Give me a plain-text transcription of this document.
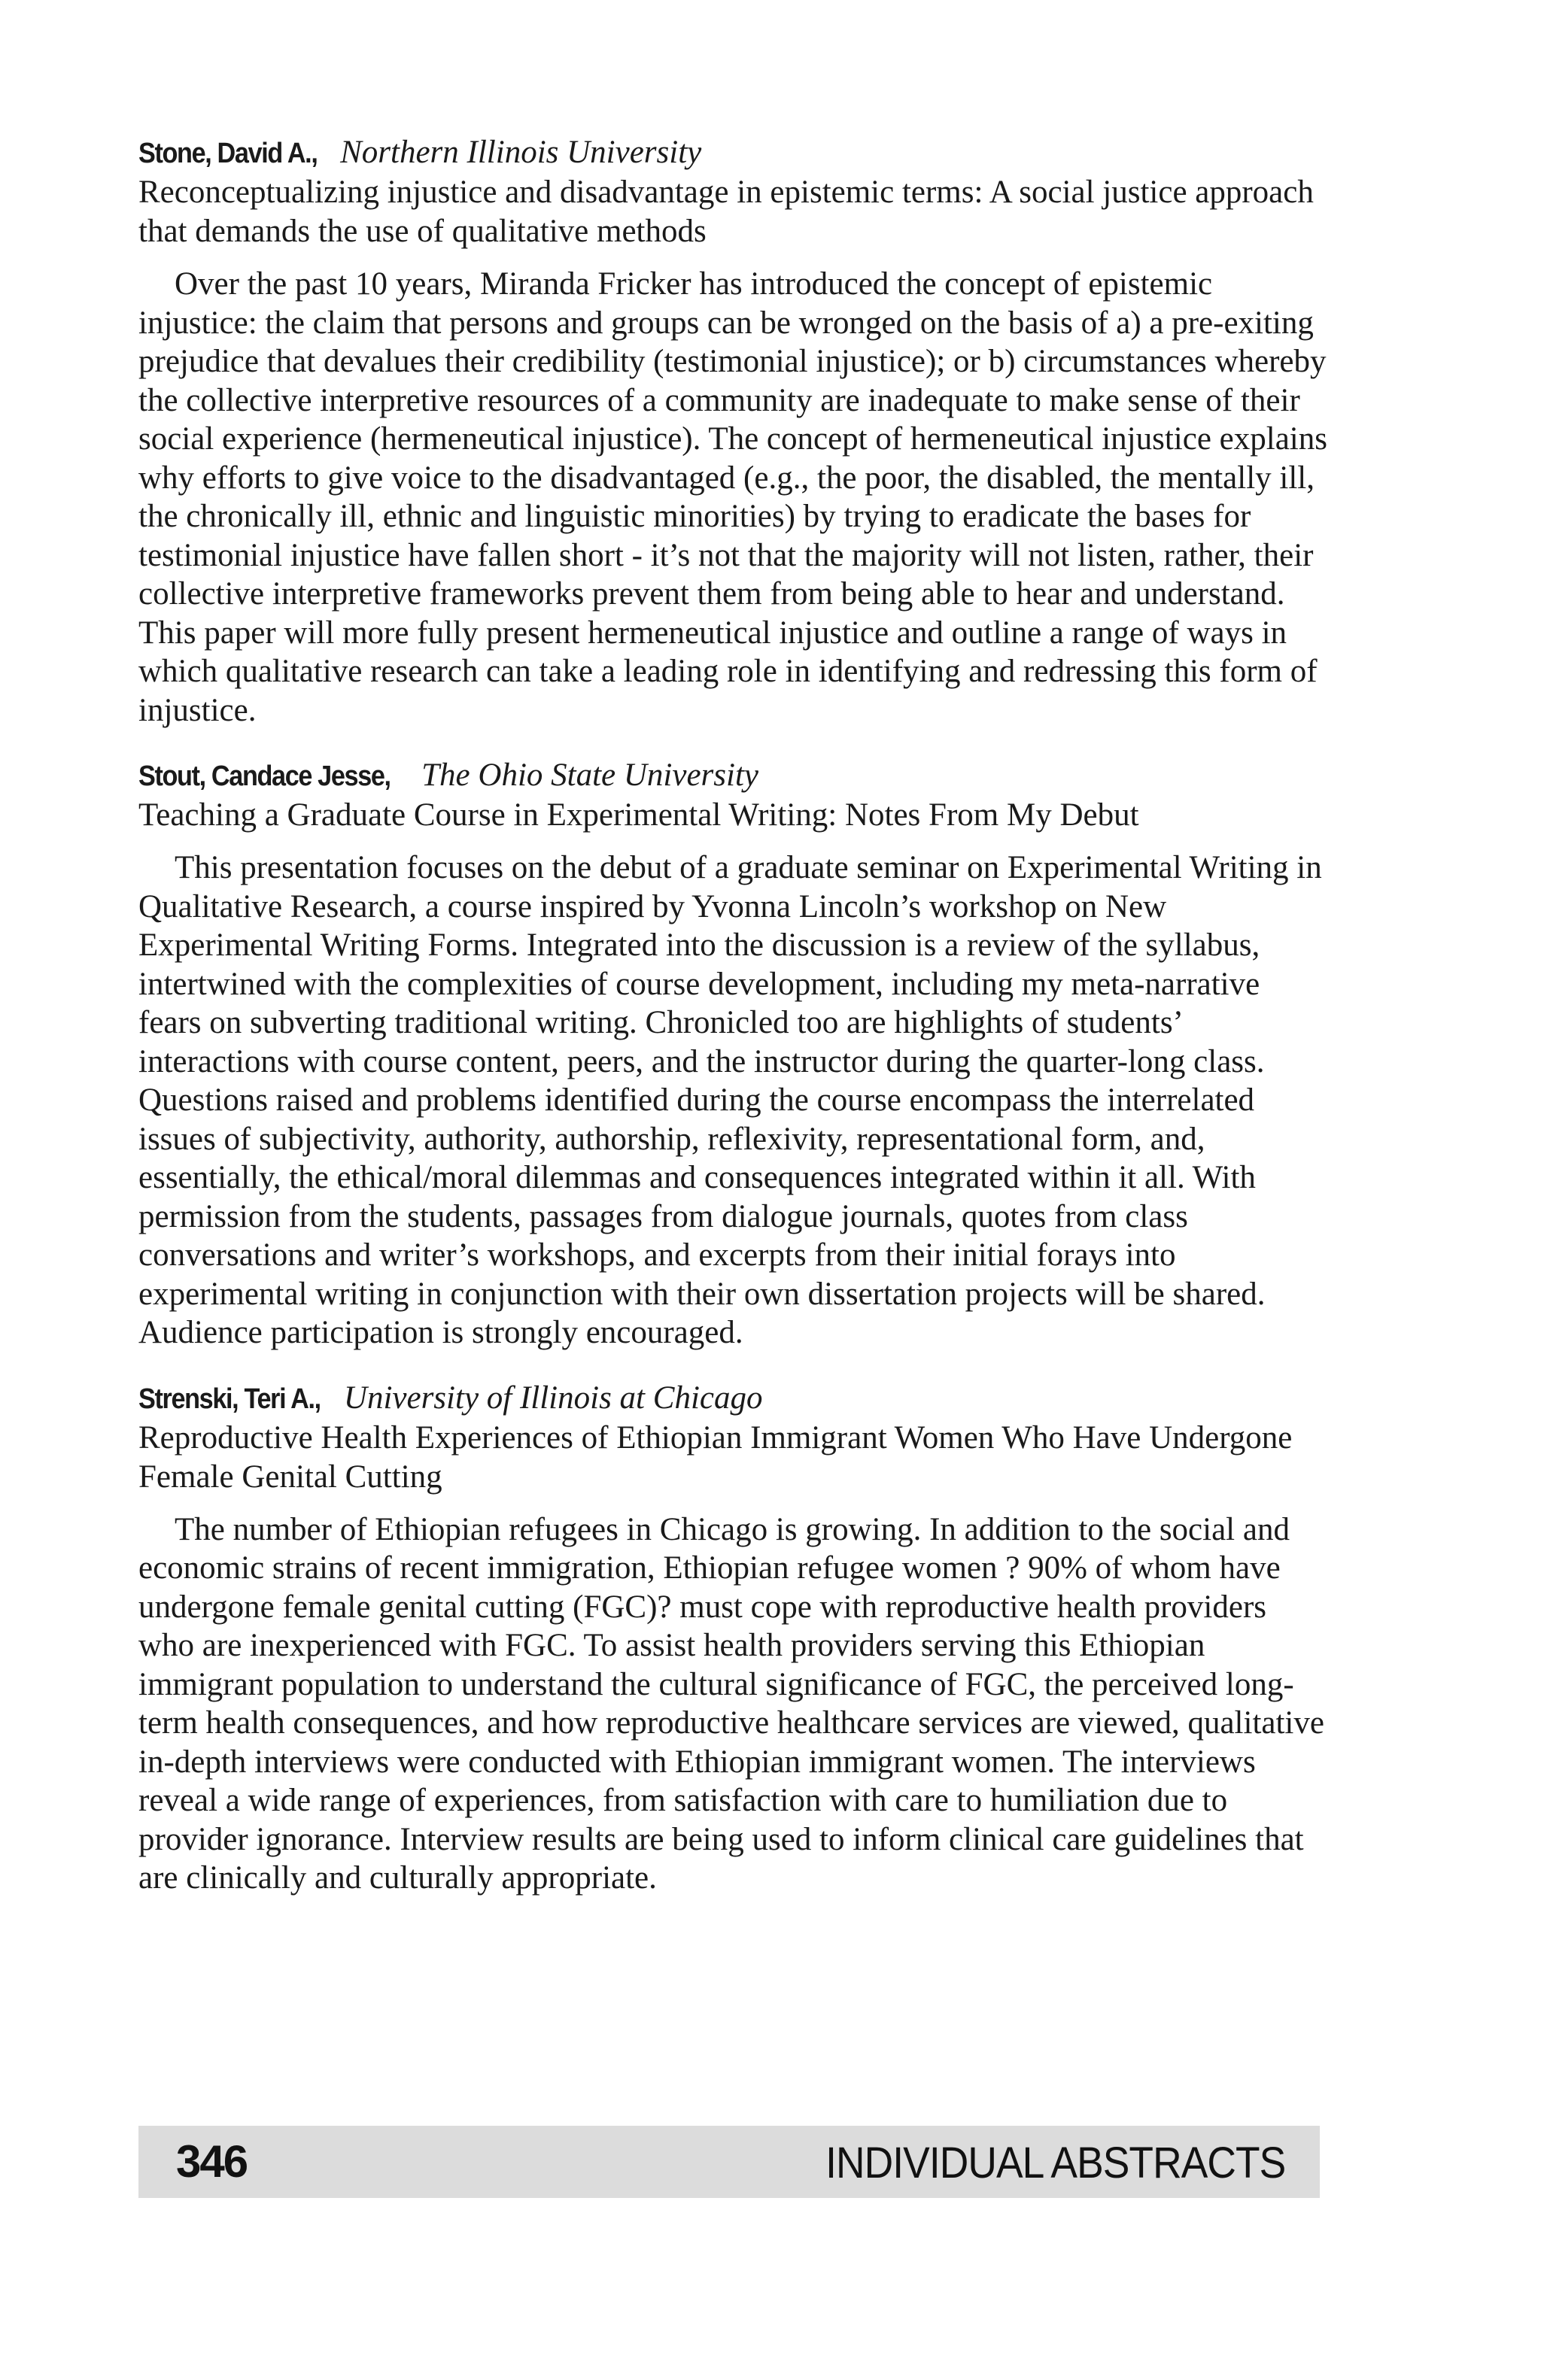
Stone, David A., Northern Illinois University
Reconceptualizing injustice and disadvantage in epistemic terms: A social justice approach that demands the use of qualitative methods

Over the past 10 years, Miranda Fricker has introduced the concept of epistemic injustice: the claim that persons and groups can be wronged on the basis of a) a pre-exiting prejudice that devalues their credibility (testimonial injustice); or b) circumstances whereby the collective interpretive resources of a community are inadequate to make sense of their social experience (hermeneutical injustice). The concept of hermeneutical injustice explains why efforts to give voice to the disadvantaged (e.g., the poor, the disabled, the mentally ill, the chronically ill, ethnic and linguistic minorities) by trying to eradicate the bases for testimonial injustice have fallen short - it’s not that the majority will not listen, rather, their collective interpretive frameworks prevent them from being able to hear and understand. This paper will more fully present hermeneutical injustice and outline a range of ways in which qualitative research can take a leading role in identifying and redressing this form of injustice.

Stout, Candace Jesse, The Ohio State University
Teaching a Graduate Course in Experimental Writing: Notes From My Debut

This presentation focuses on the debut of a graduate seminar on Experimental Writing in Qualitative Research, a course inspired by Yvonna Lincoln’s workshop on New Experimental Writing Forms. Integrated into the discussion is a review of the syllabus, intertwined with the complexities of course development, including my meta-narrative fears on subverting traditional writing. Chronicled too are highlights of students’ interactions with course content, peers, and the instructor during the quarter-long class. Questions raised and problems identified during the course encompass the interrelated issues of subjectivity, authority, authorship, reflexivity, representational form, and, essentially, the ethical/moral dilemmas and consequences integrated within it all. With permission from the students, passages from dialogue journals, quotes from class conversations and writer’s workshops, and excerpts from their initial forays into experimental writing in conjunction with their own dissertation projects will be shared. Audience participation is strongly encouraged.

Strenski, Teri A., University of Illinois at Chicago
Reproductive Health Experiences of Ethiopian Immigrant Women Who Have Undergone Female Genital Cutting

The number of Ethiopian refugees in Chicago is growing. In addition to the social and economic strains of recent immigration, Ethiopian refugee women ? 90% of whom have undergone female genital cutting (FGC)? must cope with reproductive health providers who are inexperienced with FGC. To assist health providers serving this Ethiopian immigrant population to understand the cultural significance of FGC, the perceived long-term health consequences, and how reproductive healthcare services are viewed, qualitative in-depth interviews were conducted with Ethiopian immigrant women. The interviews reveal a wide range of experiences, from satisfaction with care to humiliation due to provider ignorance. Interview results are being used to inform clinical care guidelines that are clinically and culturally appropriate.

346	INDIVIDUAL ABSTRACTS
